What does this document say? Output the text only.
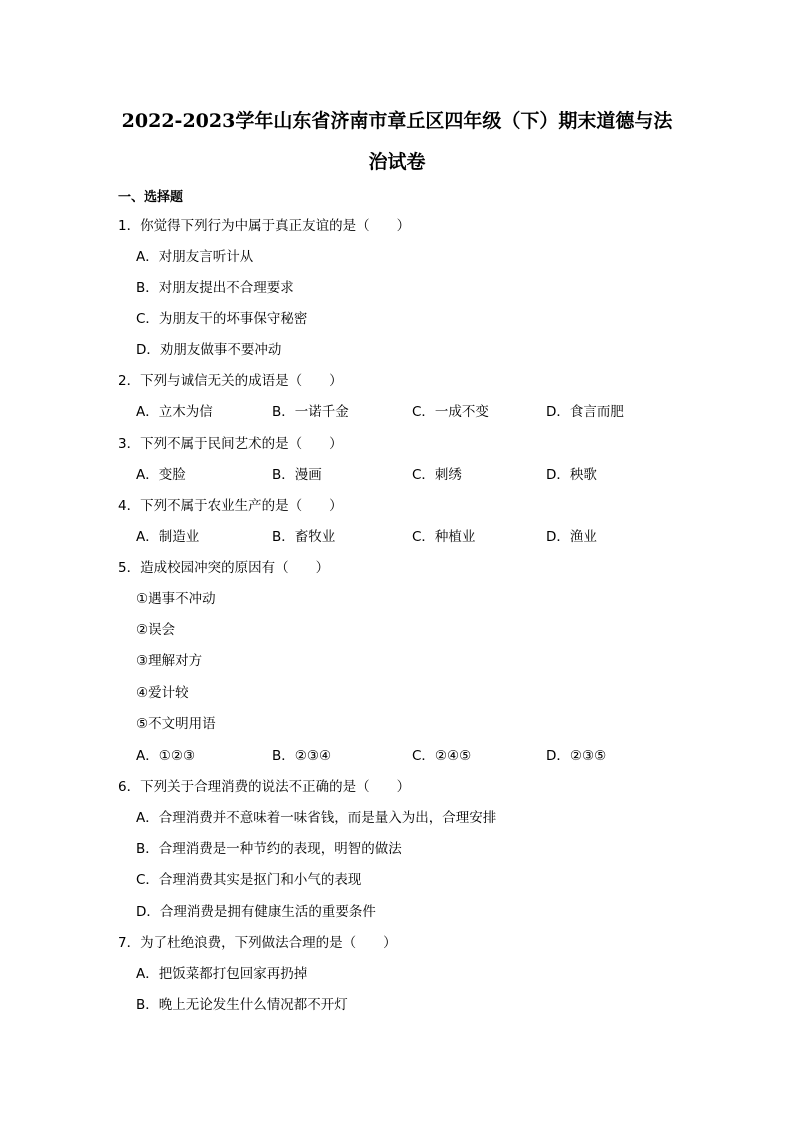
2022-2023学年山东省济南市章丘区四年级（下）期末道德与法
治试卷
一、选择题
1．你觉得下列行为中属于真正友谊的是（　　）
A．对朋友言听计从
B．对朋友提出不合理要求
C．为朋友干的坏事保守秘密
D．劝朋友做事不要冲动
2．下列与诚信无关的成语是（　　）
A．立木为信	B．一诺千金	C．一成不变	D．食言而肥
3．下列不属于民间艺术的是（　　）
A．变脸	B．漫画	C．刺绣	D．秧歌
4．下列不属于农业生产的是（　　）
A．制造业	B．畜牧业	C．种植业	D．渔业
5．造成校园冲突的原因有（　　）
①遇事不冲动
②误会
③理解对方
④爱计较
⑤不文明用语
A．①②③	B．②③④	C．②④⑤	D．②③⑤
6．下列关于合理消费的说法不正确的是（　　）
A．合理消费并不意味着一味省钱，而是量入为出，合理安排
B．合理消费是一种节约的表现，明智的做法
C．合理消费其实是抠门和小气的表现
D．合理消费是拥有健康生活的重要条件
7．为了杜绝浪费，下列做法合理的是（　　）
A．把饭菜都打包回家再扔掉
B．晚上无论发生什么情况都不开灯
